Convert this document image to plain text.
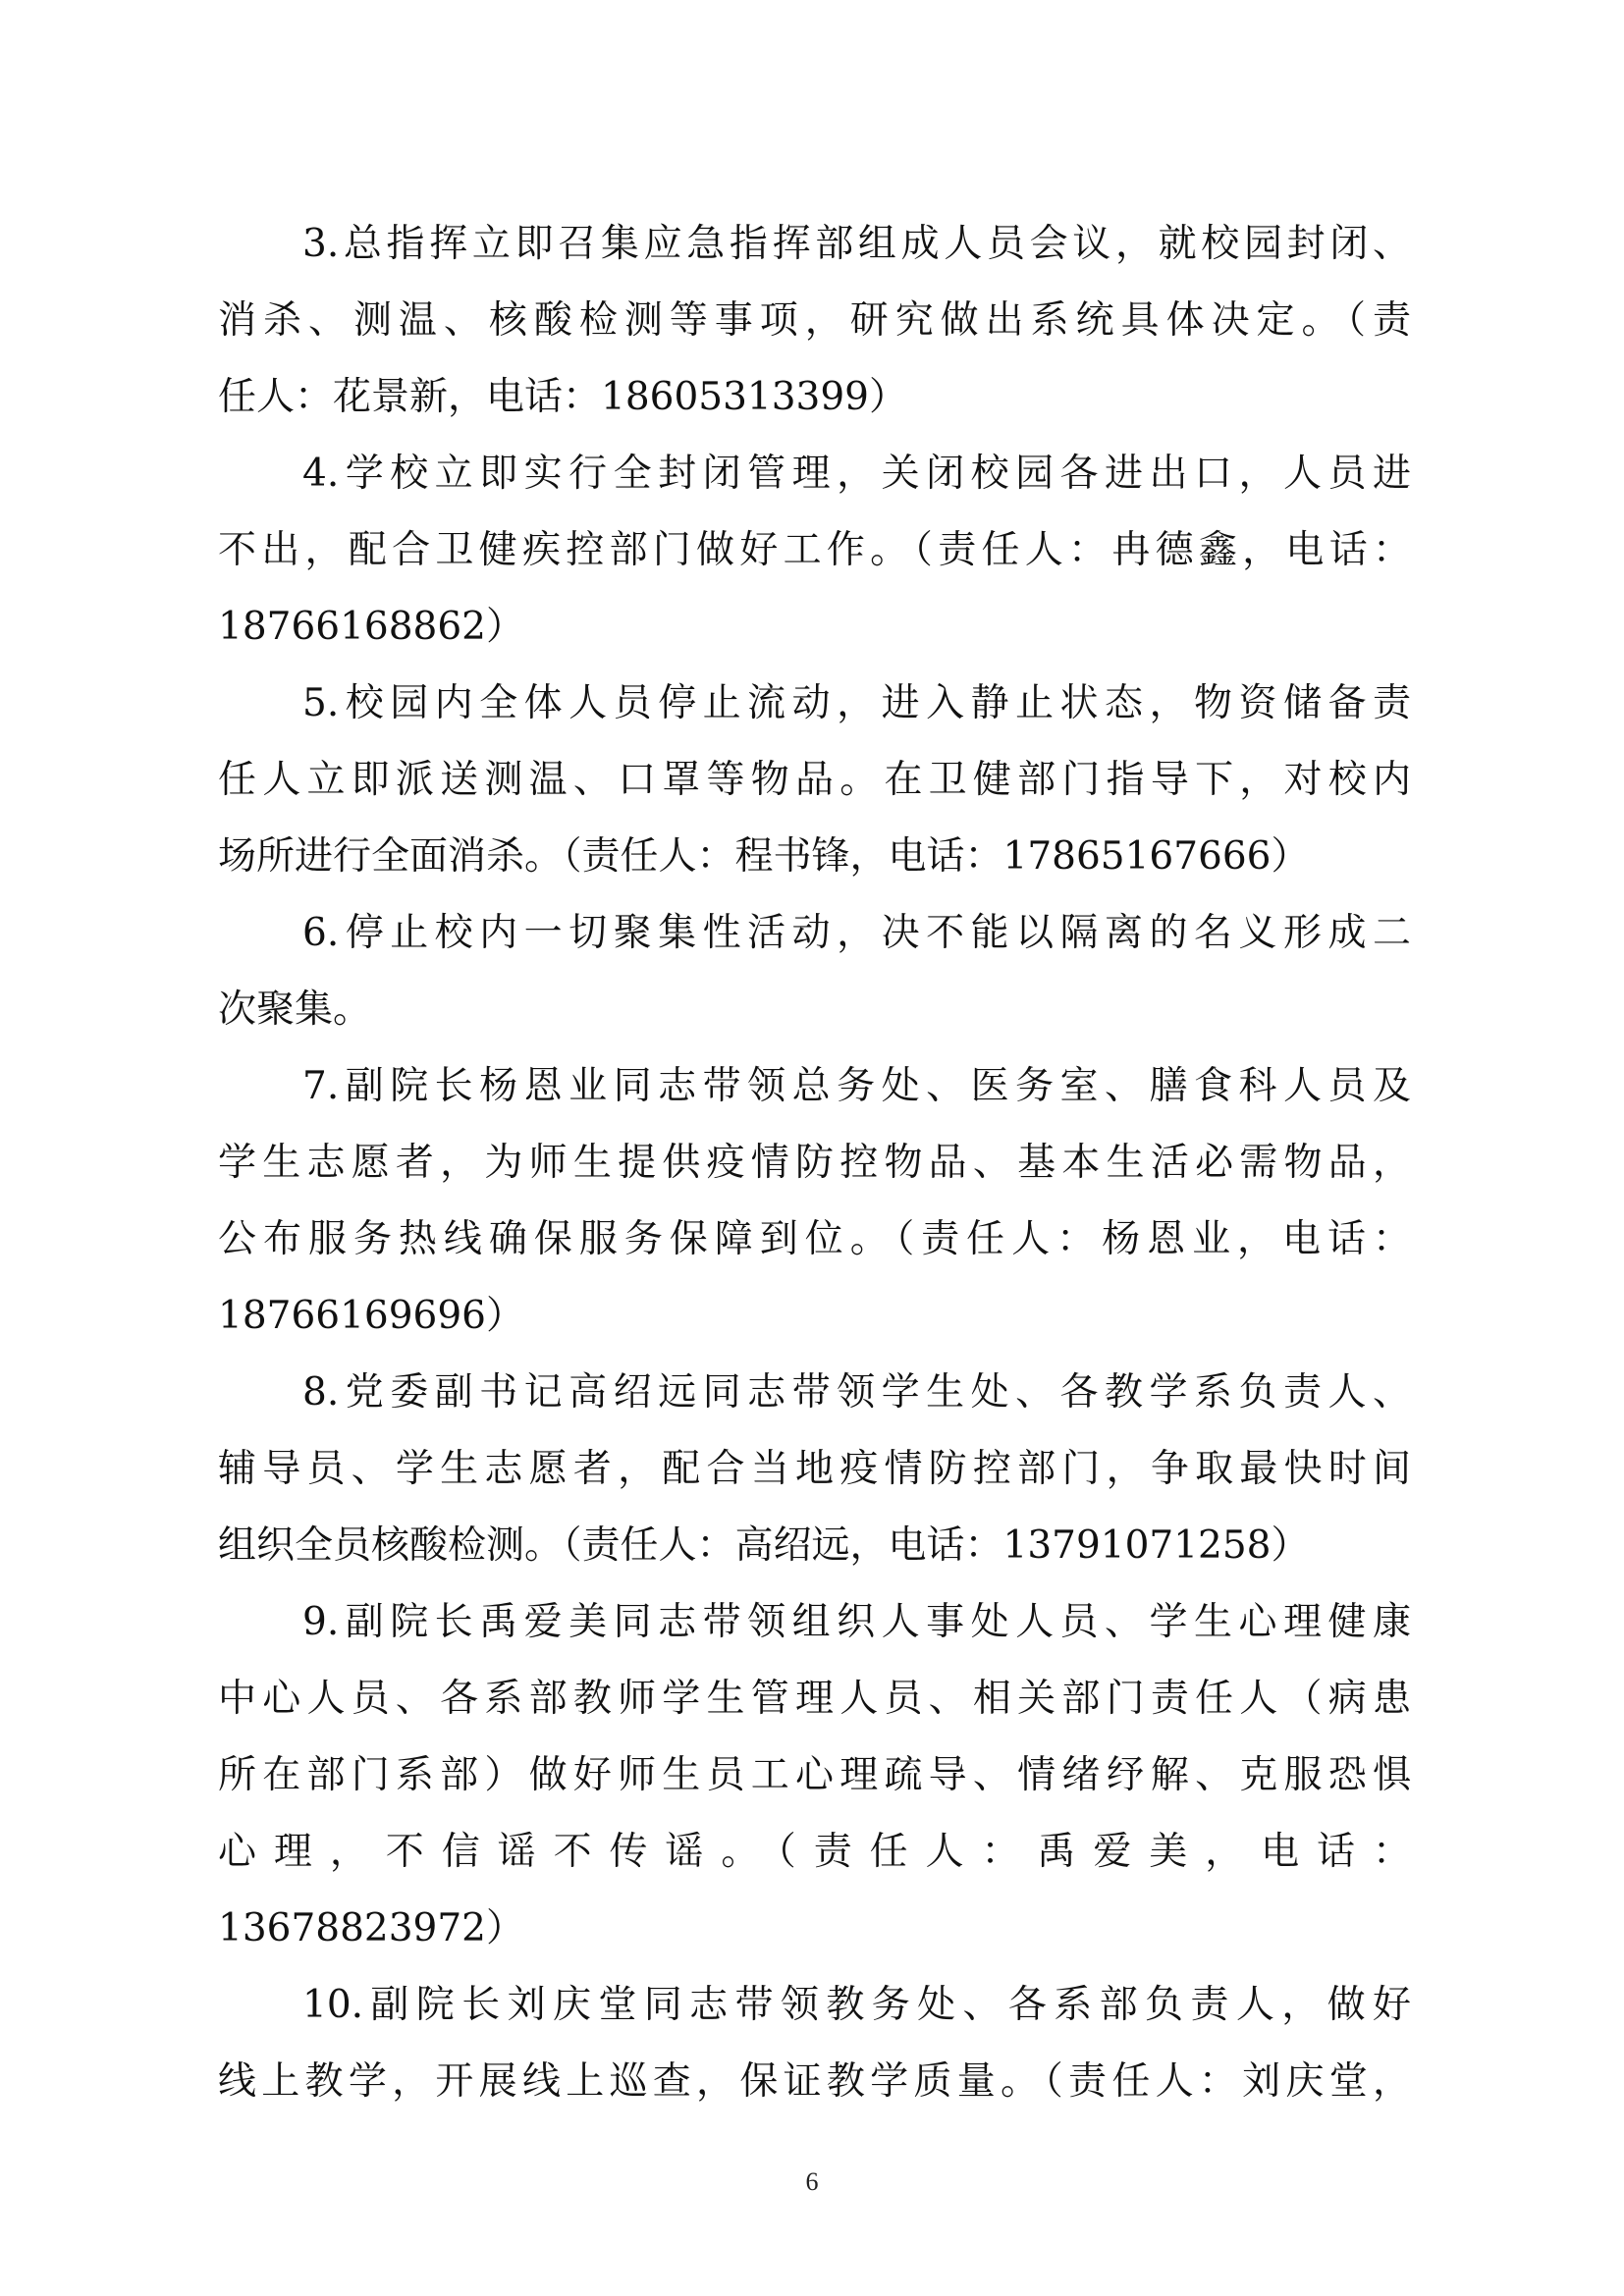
3.总指挥立即召集应急指挥部组成人员会议，就校园封闭、
消杀、测温、核酸检测等事项，研究做出系统具体决定。（责
任人：花景新，电话：18605313399）
4.学校立即实行全封闭管理，关闭校园各进出口，人员进
不出，配合卫健疾控部门做好工作。（责任人：冉德鑫，电话：
18766168862）
5.校园内全体人员停止流动，进入静止状态，物资储备责
任人立即派送测温、口罩等物品。在卫健部门指导下，对校内
场所进行全面消杀。（责任人：程书锋，电话：17865167666）
6.停止校内一切聚集性活动，决不能以隔离的名义形成二
次聚集。
7.副院长杨恩业同志带领总务处、医务室、膳食科人员及
学生志愿者，为师生提供疫情防控物品、基本生活必需物品，
公布服务热线确保服务保障到位。（责任人：杨恩业，电话：
18766169696）
8.党委副书记高绍远同志带领学生处、各教学系负责人、
辅导员、学生志愿者，配合当地疫情防控部门，争取最快时间
组织全员核酸检测。（责任人：高绍远，电话：13791071258）
9.副院长禹爱美同志带领组织人事处人员、学生心理健康
中心人员、各系部教师学生管理人员、相关部门责任人（病患
所在部门系部）做好师生员工心理疏导、情绪纾解、克服恐惧
心理，不信谣不传谣。（责任人：禹爱美，电话：
13678823972）
10.副院长刘庆堂同志带领教务处、各系部负责人，做好
线上教学，开展线上巡查，保证教学质量。（责任人：刘庆堂，
6
